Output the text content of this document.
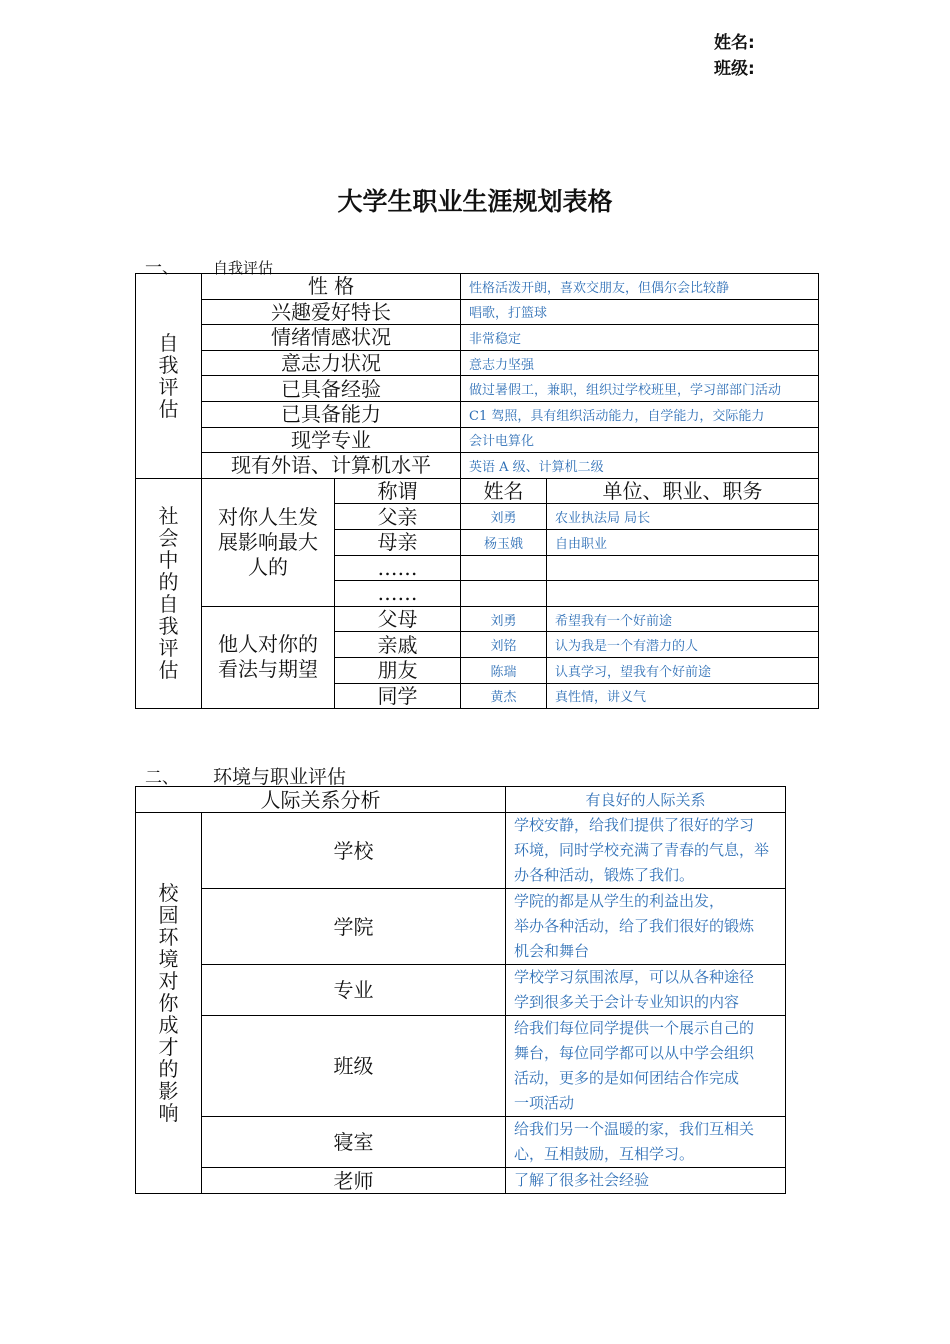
姓名:
班级:
大学生职业生涯规划表格
一、 自我评估
自我评估	性 格		性格活泼开朗，喜欢交朋友，但偶尔会比较静	
	兴趣爱好特长		唱歌，打篮球	
	情绪情感状况		非常稳定	
	意志力状况		意志力坚强	
	已具备经验		做过暑假工，兼职，组织过学校班里，学习部部门活动	
	已具备能力		C1 驾照，具有组织活动能力，自学能力，交际能力	
	现学专业		会计电算化	
	现有外语、计算机水平		英语 A 级、计算机二级	
社会中的自我评估	对你人生发
展影响最大
人的	称谓	姓名	单位、职业、职务
		父亲	刘勇	农业执法局 局长
		母亲	杨玉娥	自由职业
		……		
		……		

	他人对你的
看法与期望	父母	刘勇	希望我有一个好前途
		亲戚	刘铭	认为我是一个有潜力的人
		朋友	陈瑞	认真学习，望我有个好前途
		同学	黄杰	真性情，讲义气
二、 环境与职业评估
人际关系分析		有良好的人际关系
校园环境对你成才的影响	学校	学校安静，给我们提供了很好的学习
环境，同时学校充满了青春的气息，举
办各种活动，锻炼了我们。

	学院	学院的都是从学生的利益出发，
举办各种活动，给了我们很好的锻炼
机会和舞台

	专业	学校学习氛围浓厚，可以从各种途径
学到很多关于会计专业知识的内容

	班级	给我们每位同学提供一个展示自己的
舞台，每位同学都可以从中学会组织
活动，更多的是如何团结合作完成
一项活动

	寝室	给我们另一个温暖的家，我们互相关
心，互相鼓励，互相学习。

	老师	了解了很多社会经验
